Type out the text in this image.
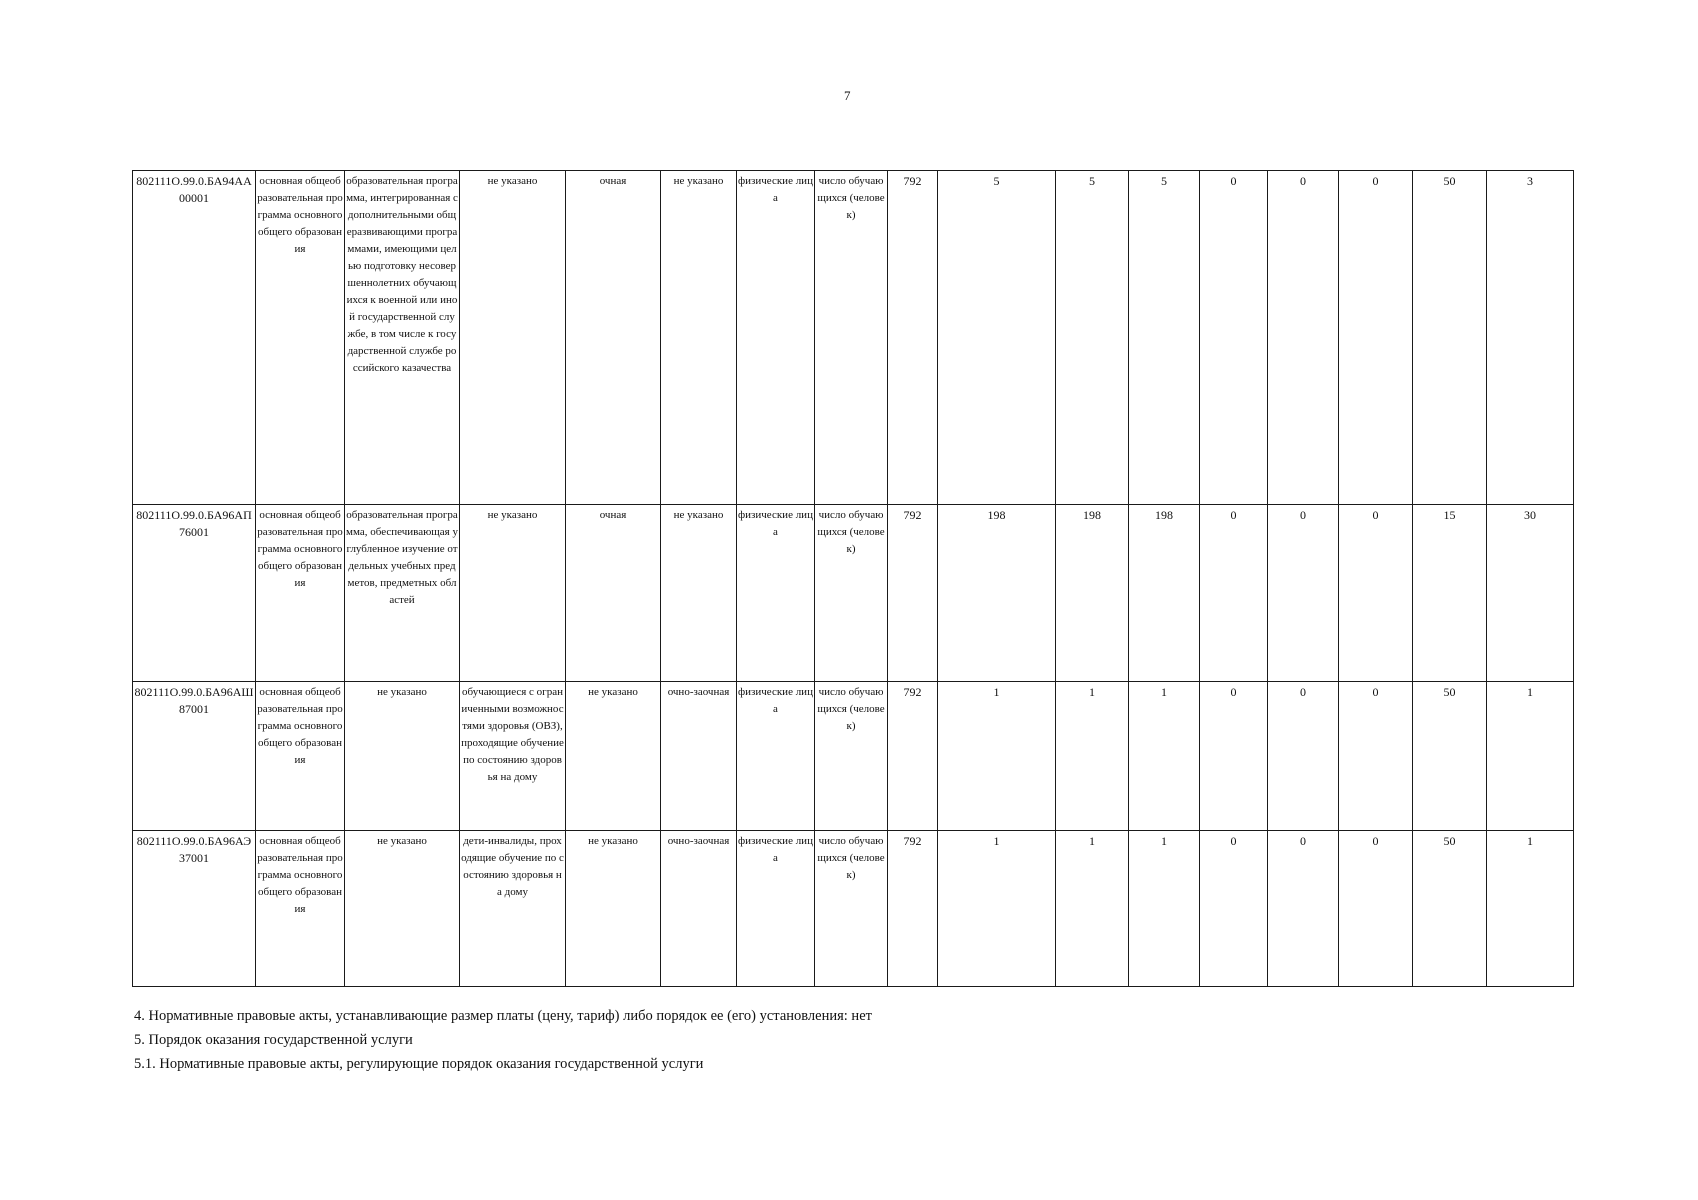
7
802111О.99.0.БА94АА00001	основная общеобразовательная программа основного общего образования	образовательная программа, интегрированная с дополнительными общеразвивающими программами, имеющими целью подготовку несовершеннолетних обучающихся к военной или иной государственной службе, в том числе к государственной службе российского казачества	не указано	очная	не указано	физические лица	число обучающихся (человек)	792	5	5	5	0	0	0	50	3
802111О.99.0.БА96АП76001	основная общеобразовательная программа основного общего образования	образовательная программа, обеспечивающая углубленное изучение отдельных учебных предметов, предметных областей	не указано	очная	не указано	физические лица	число обучающихся (человек)	792	198	198	198	0	0	0	15	30
802111О.99.0.БА96АШ87001	основная общеобразовательная программа основного общего образования	не указано	обучающиеся с ограниченными возможностями здоровья (ОВЗ), проходящие обучение по состоянию здоровья на дому	не указано	очно-заочная	физические лица	число обучающихся (человек)	792	1	1	1	0	0	0	50	1
802111О.99.0.БА96АЭ37001	основная общеобразовательная программа основного общего образования	не указано	дети-инвалиды, проходящие обучение по состоянию здоровья на дому	не указано	очно-заочная	физические лица	число обучающихся (человек)	792	1	1	1	0	0	0	50	1
4. Нормативные правовые акты, устанавливающие размер платы (цену, тариф) либо порядок ее (его) установления: нет
5. Порядок оказания государственной услуги
5.1. Нормативные правовые акты, регулирующие порядок оказания государственной услуги
